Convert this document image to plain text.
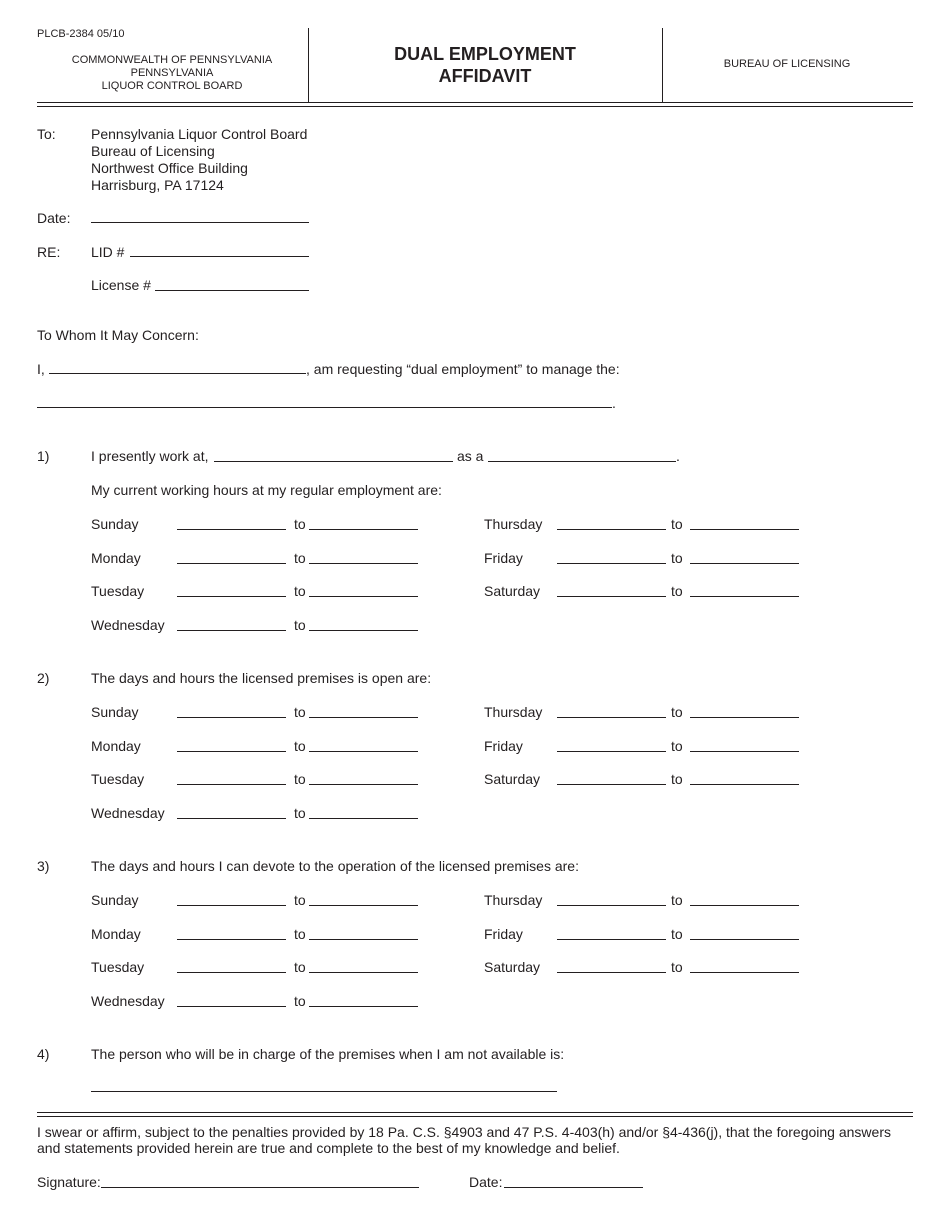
PLCB-2384 05/10
COMMONWEALTH OF PENNSYLVANIA
PENNSYLVANIA
LIQUOR CONTROL BOARD
DUAL EMPLOYMENT
AFFIDAVIT
BUREAU OF LICENSING
To:	Pennsylvania Liquor Control Board
Bureau of Licensing
Northwest Office Building
Harrisburg, PA 17124
Date:
RE: LID #
License #
To Whom It May Concern:
I,	, am requesting “dual employment” to manage the:
.
1)	I presently work at,	as a	.
My current working hours at my regular employment are:
Sunday	to
Monday	to
Tuesday	to
Wednesday	to
Thursday	to
Friday	to
Saturday	to
2)	The days and hours the licensed premises is open are:
Sunday	to
Monday	to
Tuesday	to
Wednesday	to
Thursday	to
Friday	to
Saturday	to
3)	The days and hours I can devote to the operation of the licensed premises are:
Sunday	to
Monday	to
Tuesday	to
Wednesday	to
Thursday	to
Friday	to
Saturday	to
4)	The person who will be in charge of the premises when I am not available is:
I swear or affirm, subject to the penalties provided by 18 Pa. C.S. §4903 and 47 P.S. 4-403(h) and/or §4-436(j), that the foregoing answers
and statements provided herein are true and complete to the best of my knowledge and belief.
Signature:	Date:
